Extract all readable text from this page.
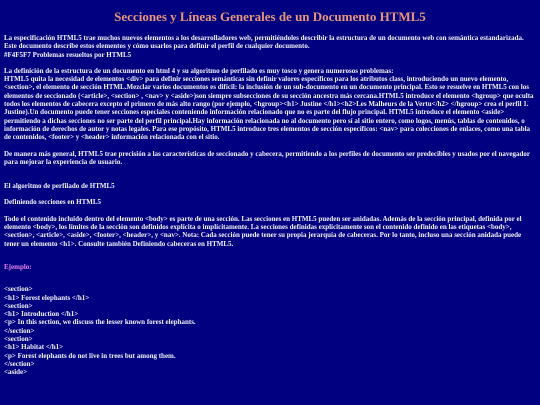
Secciones y Líneas Generales de un Documento HTML5

La especificación HTML5 trae muchos nuevos elementos a los desarrolladores web, permitiéndoles describir la estructura de un documento web con semántica estandarizada. Este documento describe estos elementos y cómo usarlos para definir el perfil de cualquier documento.

#F4F5F7 Problemas resueltos por HTML5

La definición de la estructura de un documento en html 4 y su algoritmo de perfilado es muy tosco y genera numerosos problemas:

HTML5 quita la necesidad de elementos <div> para definir secciones semánticas sin definir valores específicos para los atributos class, introduciendo un nuevo elemento, <section>, el elemento de sección HTML.Mezclar varios documentos es difícil: la inclusión de un sub-documento en un documento principal. Esto se resuelve en HTML5 con los elementos de seccionado (<article>, <section> , <nav> y <aside>)son siempre subsecciones de su sección ancestra más cercana.HTML5 introduce el elemento <hgroup> que oculta todos los elementos de cabecera excepto el primero de más alto rango (por ejemplo, <hgroup><h1> Justine </h1><h2>Les Malheurs de la Vertu</h2> </hgroup> crea el perfil 1. Justine).Un documento puede tener secciones especiales conteniendo información relacionado que no es parte del flujo principal. HTML5 introduce el elemento <aside> permitiendo a dichas secciones no ser parte del perfil principal.Hay información relacionada no al documento pero sí al sitio entero, como logos, menús, tablas de contenidos, o información de derechos de autor y notas legales. Para ese propósito, HTML5 introduce tres elementos de sección específicos: <nav> para colecciones de enlaces, como una tabla de contenidos, <footer> y <header> información relacionada con el sitio.

De manera más general, HTML5 trae precisión a las características de seccionado y cabecera, permitiendo a los perfiles de documento ser predecibles y usados por el navegador para mejorar la experiencia de usuario.

El algoritmo de perfilado de HTML5

Definiendo secciones en HTML5

Todo el contenido incluido dentro del elemento <body> es parte de una sección. Las secciones en HTML5 pueden ser anidadas. Además de la sección principal, definida por el elemento <body>, los límites de la sección son definidos explícita o implícitamente. La secciones definidas explícitamente son el contenido definido en las etiquetas <body>, <section>, <article>, <aside>, <footer>, <header>, y <nav>. Nota: Cada sección puede tener su propia jerarquía de cabeceras. Por lo tanto, incluso una sección anidada puede tener un elemento <h1>. Consulte también Definiendo cabeceras en HTML5.

Ejemplo:

<section>

<h1> Forest elephants </h1>

<section>

<h1> Introduction </h1>

<p> In this section, we discuss the lesser known forest elephants.

</section>

<section>

<h1> Habitat </h1>

<p> Forest elephants do not live in trees but among them.

</section>

<aside>
